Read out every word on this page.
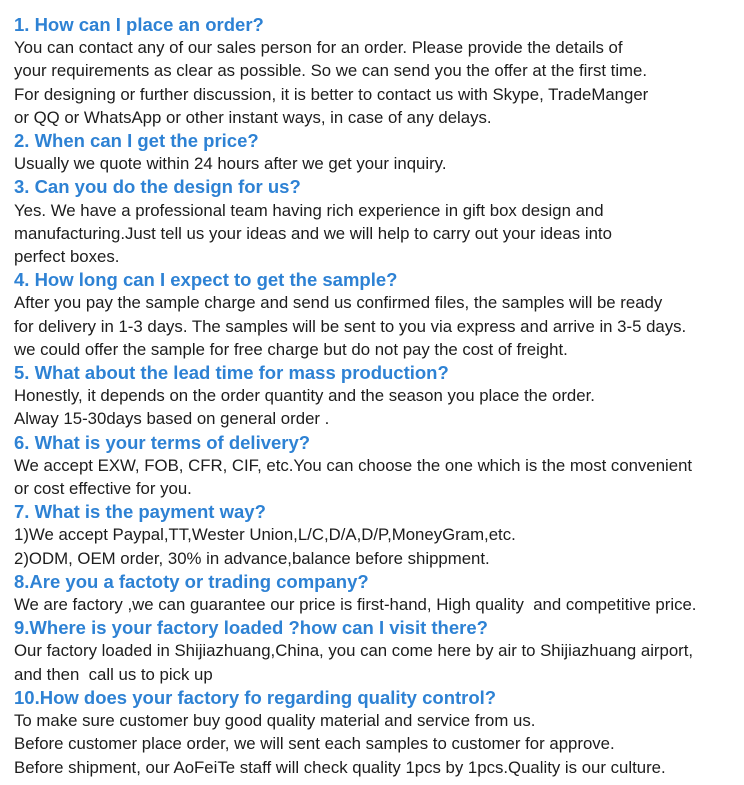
1. How can I place an order?
You can contact any of our sales person for an order. Please provide the details of
your requirements as clear as possible. So we can send you the offer at the first time.
For designing or further discussion, it is better to contact us with Skype, TradeManger
or QQ or WhatsApp or other instant ways, in case of any delays.
2. When can I get the price?
Usually we quote within 24 hours after we get your inquiry.
3. Can you do the design for us?
Yes. We have a professional team having rich experience in gift box design and
manufacturing.Just tell us your ideas and we will help to carry out your ideas into
perfect boxes.
4. How long can I expect to get the sample?
After you pay the sample charge and send us confirmed files, the samples will be ready
for delivery in 1-3 days. The samples will be sent to you via express and arrive in 3-5 days.
we could offer the sample for free charge but do not pay the cost of freight.
5. What about the lead time for mass production?
Honestly, it depends on the order quantity and the season you place the order.
Alway 15-30days based on general order .
6. What is your terms of delivery?
We accept EXW, FOB, CFR, CIF, etc.You can choose the one which is the most convenient
or cost effective for you.
7. What is the payment way?
1)We accept Paypal,TT,Wester Union,L/C,D/A,D/P,MoneyGram,etc.
2)ODM, OEM order, 30% in advance,balance before shippment.
8.Are you a factoty or trading company?
We are factory ,we can guarantee our price is first-hand, High quality  and competitive price.
9.Where is your factory loaded ?how can I visit there?
Our factory loaded in Shijiazhuang,China, you can come here by air to Shijiazhuang airport,
and then  call us to pick up
10.How does your factory fo regarding quality control?
To make sure customer buy good quality material and service from us.
Before customer place order, we will sent each samples to customer for approve.
Before shipment, our AoFeiTe staff will check quality 1pcs by 1pcs.Quality is our culture.
